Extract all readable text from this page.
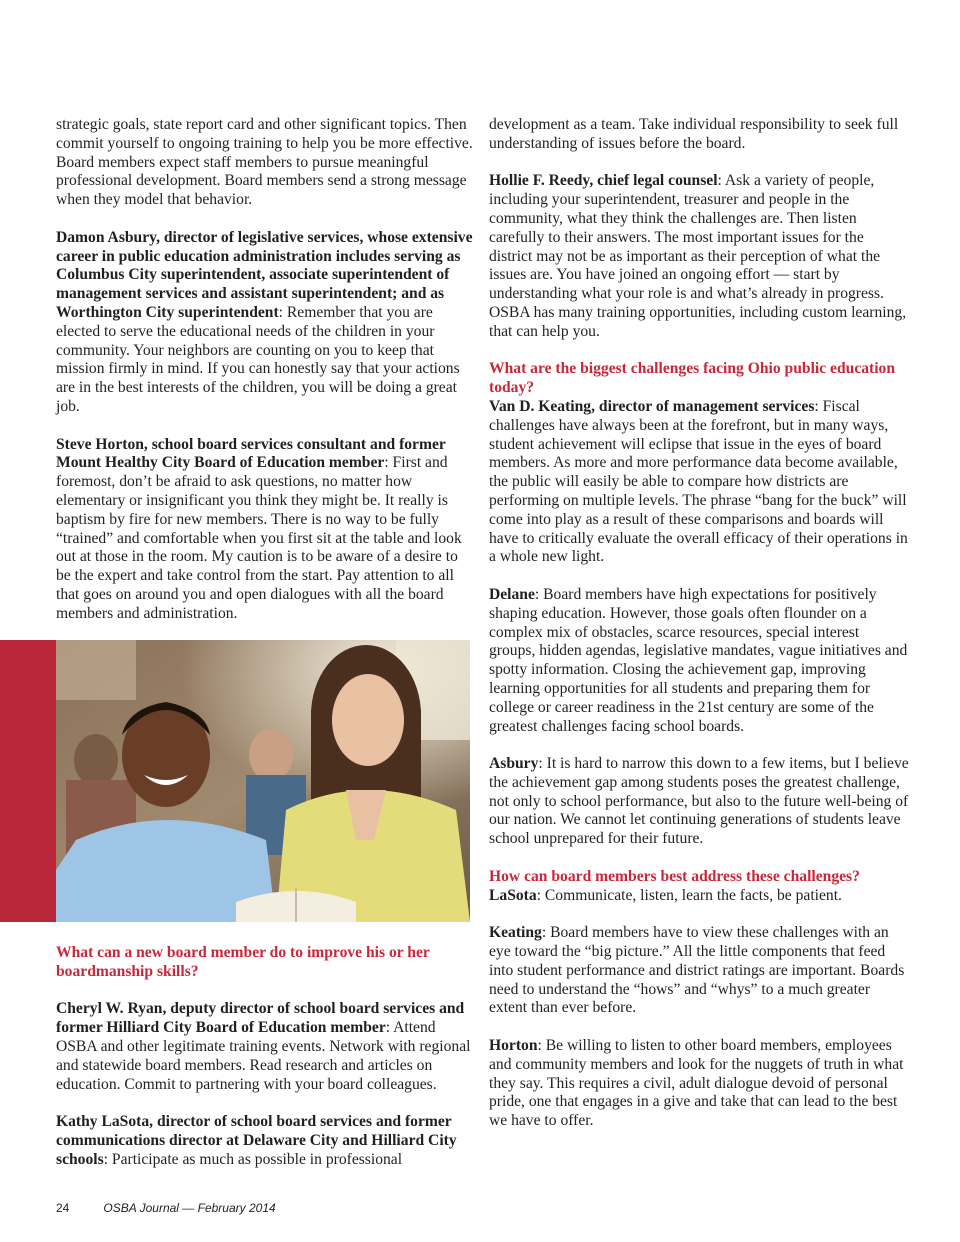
strategic goals, state report card and other significant topics. Then commit yourself to ongoing training to help you be more effective. Board members expect staff members to pursue meaningful professional development. Board members send a strong message when they model that behavior.

Damon Asbury, director of legislative services, whose extensive career in public education administration includes serving as Columbus City superintendent, associate superintendent of management services and assistant superintendent; and as Worthington City superintendent: Remember that you are elected to serve the educational needs of the children in your community. Your neighbors are counting on you to keep that mission firmly in mind. If you can honestly say that your actions are in the best interests of the children, you will be doing a great job.

Steve Horton, school board services consultant and former Mount Healthy City Board of Education member: First and foremost, don’t be afraid to ask questions, no matter how elementary or insignificant you think they might be. It really is baptism by fire for new members. There is no way to be fully “trained” and comfortable when you first sit at the table and look out at those in the room. My caution is to be aware of a desire to be the expert and take control from the start. Pay attention to all that goes on around you and open dialogues with all the board members and administration.

What can a new board member do to improve his or her boardmanship skills?

Cheryl W. Ryan, deputy director of school board services and former Hilliard City Board of Education member: Attend OSBA and other legitimate training events. Network with regional and statewide board members. Read research and articles on education. Commit to partnering with your board colleagues.

Kathy LaSota, director of school board services and former communications director at Delaware City and Hilliard City schools: Participate as much as possible in professional

development as a team. Take individual responsibility to seek full understanding of issues before the board.

Hollie F. Reedy, chief legal counsel: Ask a variety of people, including your superintendent, treasurer and people in the community, what they think the challenges are. Then listen carefully to their answers. The most important issues for the district may not be as important as their perception of what the issues are. You have joined an ongoing effort — start by understanding what your role is and what’s already in progress. OSBA has many training opportunities, including custom learning, that can help you.

What are the biggest challenges facing Ohio public education today?

Van D. Keating, director of management services: Fiscal challenges have always been at the forefront, but in many ways, student achievement will eclipse that issue in the eyes of board members. As more and more performance data become available, the public will easily be able to compare how districts are performing on multiple levels. The phrase “bang for the buck” will come into play as a result of these comparisons and boards will have to critically evaluate the overall efficacy of their operations in a whole new light.

Delane: Board members have high expectations for positively shaping education. However, those goals often flounder on a complex mix of obstacles, scarce resources, special interest groups, hidden agendas, legislative mandates, vague initiatives and spotty information. Closing the achievement gap, improving learning opportunities for all students and preparing them for college or career readiness in the 21st century are some of the greatest challenges facing school boards.

Asbury: It is hard to narrow this down to a few items, but I believe the achievement gap among students poses the greatest challenge, not only to school performance, but also to the future well-being of our nation. We cannot let continuing generations of students leave school unprepared for their future.

How can board members best address these challenges?

LaSota: Communicate, listen, learn the facts, be patient.

Keating: Board members have to view these challenges with an eye toward the “big picture.” All the little components that feed into student performance and district ratings are important. Boards need to understand the “hows” and “whys” to a much greater extent than ever before.

Horton: Be willing to listen to other board members, employees and community members and look for the nuggets of truth in what they say. This requires a civil, adult dialogue devoid of personal pride, one that engages in a give and take that can lead to the best we have to offer.

24	OSBA Journal — February 2014
